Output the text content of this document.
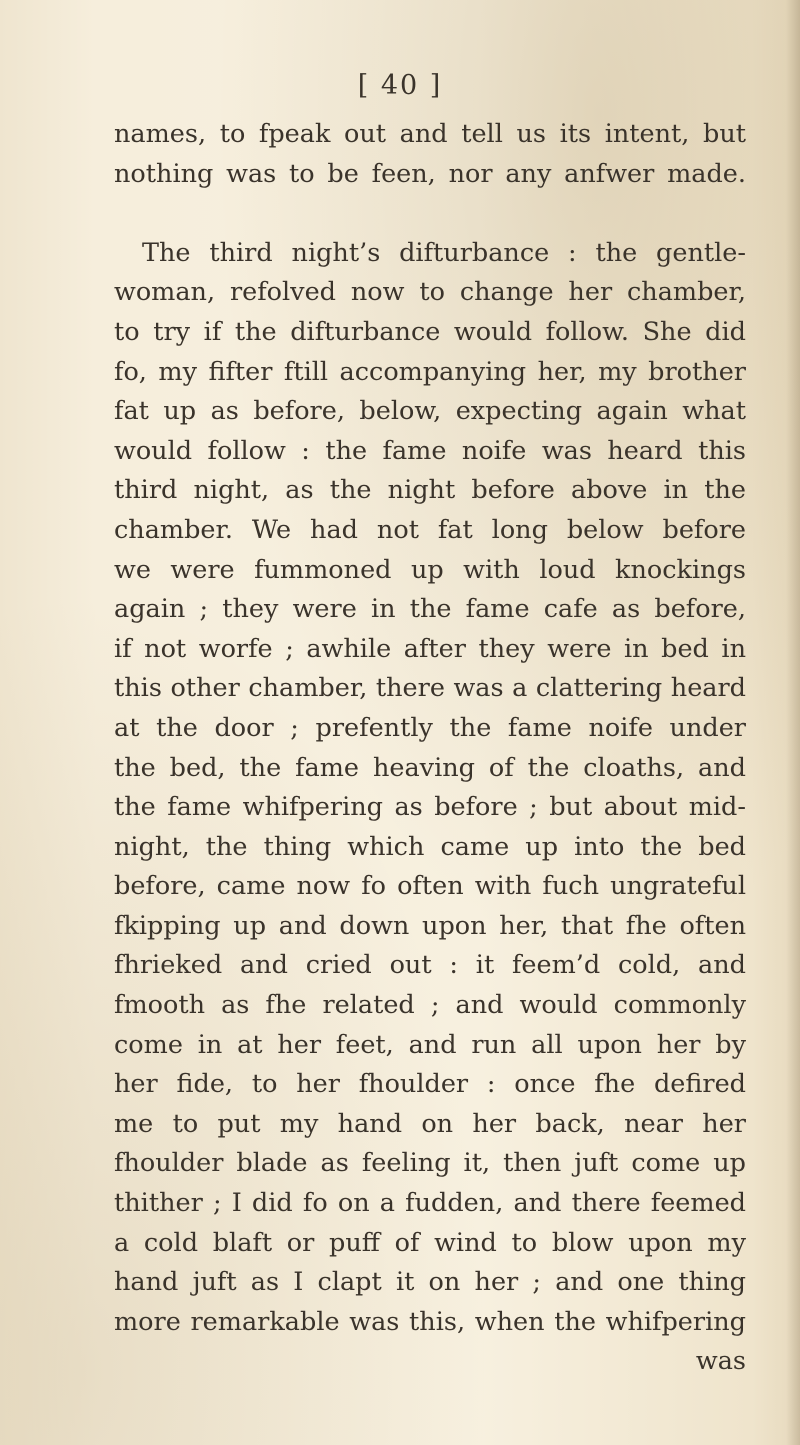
[ 40 ]
names, to fpeak out and tell us its intent, but
nothing was to be feen, nor any anfwer made.
The third night’s difturbance : the gentle-
woman, refolved now to change her chamber,
to try if the difturbance would follow. She did
fo, my fifter ftill accompanying her, my brother
fat up as before, below, expecting again what
would follow : the fame noife was heard this
third night, as the night before above in the
chamber. We had not fat long below before
we were fummoned up with loud knockings
again ; they were in the fame cafe as before,
if not worfe ; awhile after they were in bed in
this other chamber, there was a clattering heard
at the door ; prefently the fame noife under
the bed, the fame heaving of the cloaths, and
the fame whifpering as before ; but about mid-
night, the thing which came up into the bed
before, came now fo often with fuch ungrateful
fkipping up and down upon her, that fhe often
fhrieked and cried out : it feem’d cold, and
fmooth as fhe related ; and would commonly
come in at her feet, and run all upon her by
her fide, to her fhoulder : once fhe defired
me to put my hand on her back, near her
fhoulder blade as feeling it, then juft come up
thither ; I did fo on a fudden, and there feemed
a cold blaft or puff of wind to blow upon my
hand juft as I clapt it on her ; and one thing
more remarkable was this, when the whifpering
was
